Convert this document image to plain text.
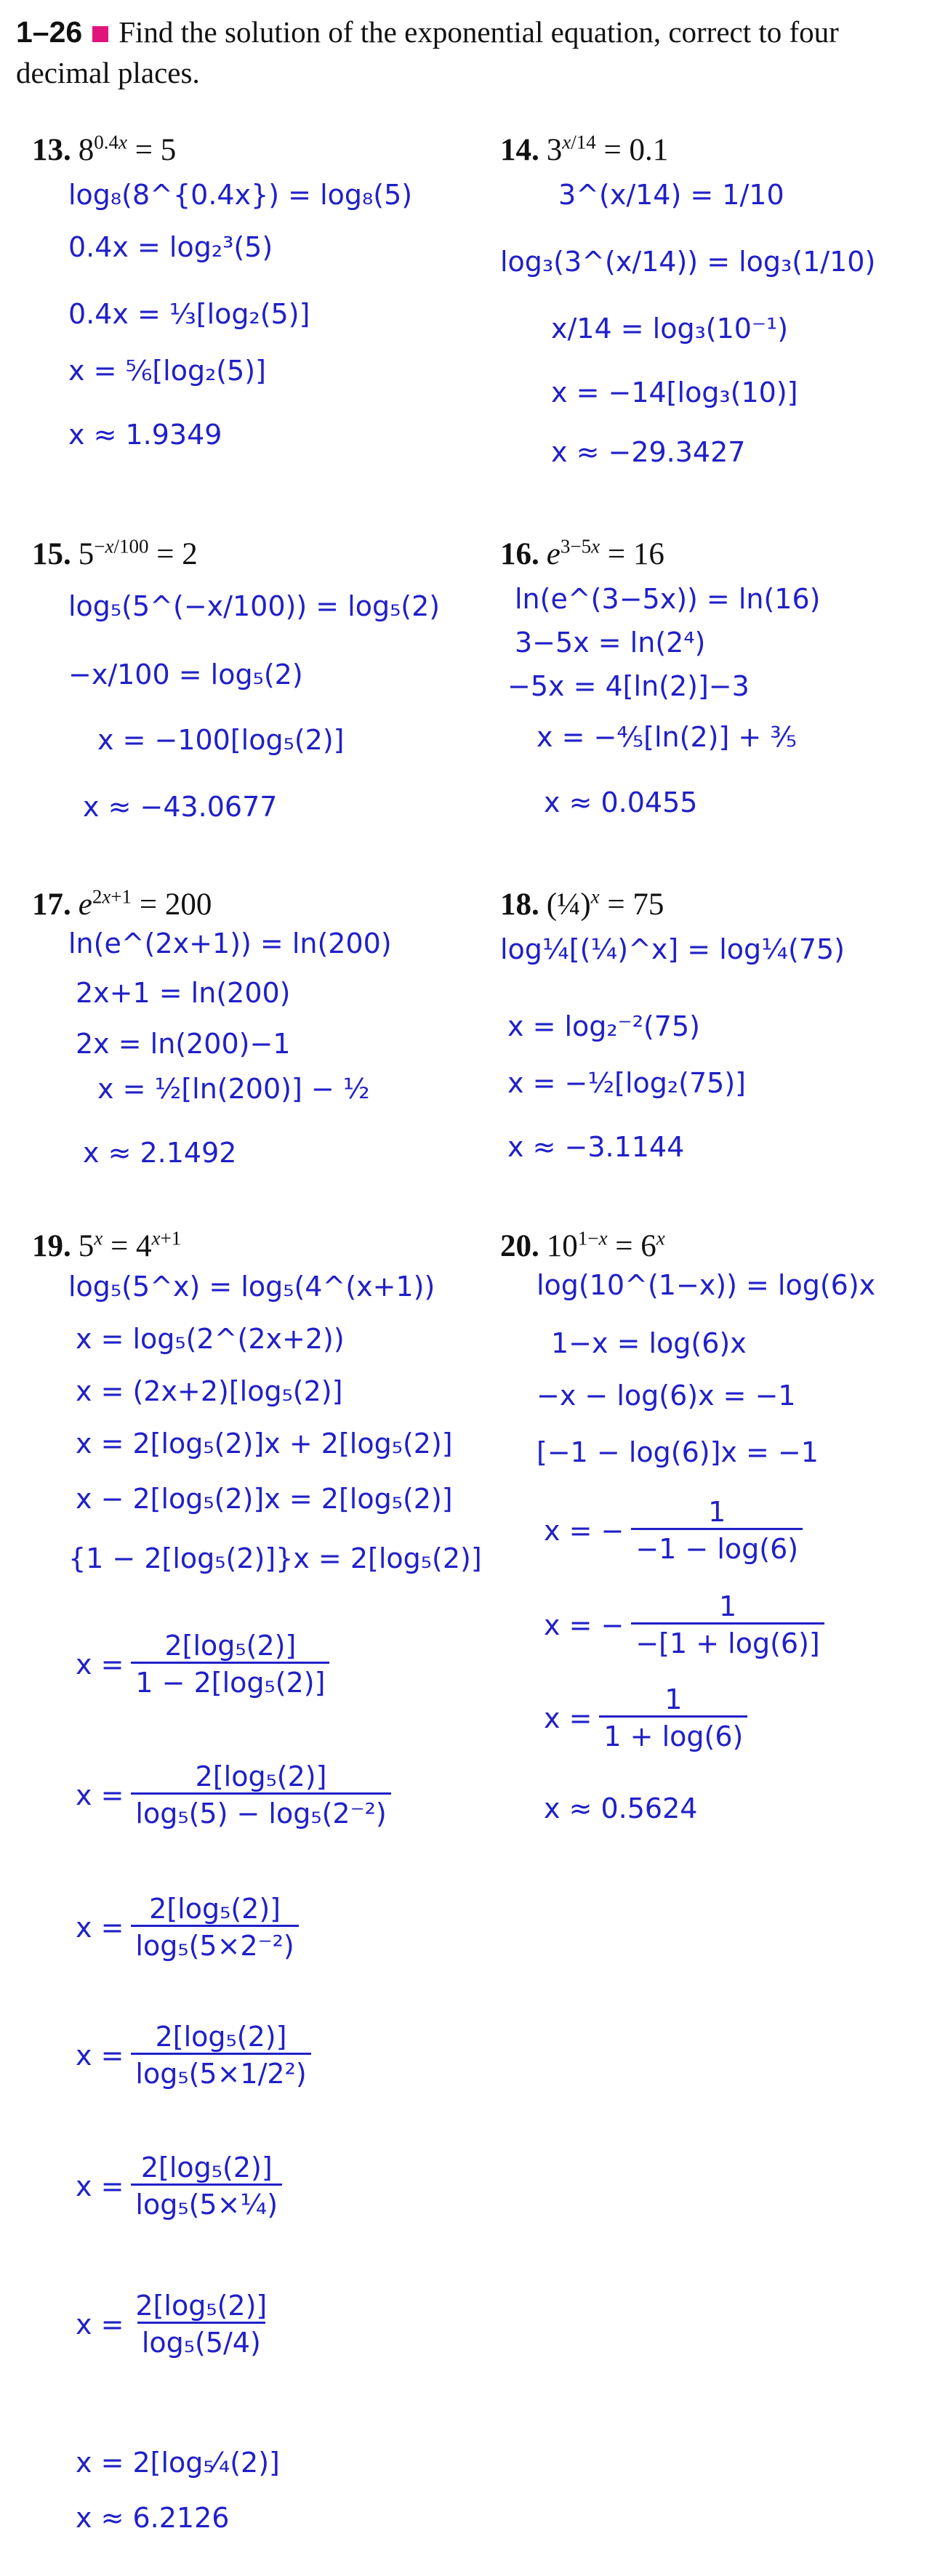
1–26 Find the solution of the exponential equation, correct to four decimal places.
13. $8^{0.4x} = 5$
log₈(8^{0.4x}) = log₈(5)
0.4x = log₂³(5)
0.4x = ⅓[log₂(5)]
x = ⅚[log₂(5)]
x ≈ 1.9349
14. $3^{x/14} = 0.1$
3^(x/14) = 1/10
log₃(3^(x/14)) = log₃(1/10)
x/14 = log₃(10⁻¹)
x = −14[log₃(10)]
x ≈ −29.3427
15. $5^{-x/100} = 2$
log₅(5^(−x/100)) = log₅(2)
−x/100 = log₅(2)
x = −100[log₅(2)]
x ≈ −43.0677
16. $e^{3-5x} = 16$
ln(e^(3−5x)) = ln(16)
3−5x = ln(2⁴)
−5x = 4[ln(2)]−3
x = −⅘[ln(2)] + ⅗
x ≈ 0.0455
17. $e^{2x+1} = 200$
ln(e^(2x+1)) = ln(200)
2x+1 = ln(200)
2x = ln(200)−1
x = ½[ln(200)] − ½
x ≈ 2.1492
18. (¼)$^x$ = 75
log¼[(¼)^x] = log¼(75)
x = log₂⁻²(75)
x = −½[log₂(75)]
x ≈ −3.1144
19. $5^x = 4^{x+1}$
log₅(5^x) = log₅(4^(x+1))
x = log₅(2^(2x+2))
x = (2x+2)[log₅(2)]
x = 2[log₅(2)]x + 2[log₅(2)]
x − 2[log₅(2)]x = 2[log₅(2)]
{1 − 2[log₅(2)]}x = 2[log₅(2)]
$x = \frac{\text{2[log₅(2)]}}{\text{1 − 2[log₅(2)]}}$
$x = \frac{\text{2[log₅(2)]}}{\text{log₅(5) − log₅(2⁻²)}}$
$x = \frac{\text{2[log₅(2)]}}{\text{log₅(5×2⁻²)}}$
$x = \frac{\text{2[log₅(2)]}}{\text{log₅(5×1/2²)}}$
$x = \frac{\text{2[log₅(2)]}}{\text{log₅(5×¼)}}$
$x = \frac{\text{2[log₅(2)]}}{\text{log₅(5/4)}}$
x = 2[log₅⁄₄(2)]
x ≈ 6.2126
20. $10^{1-x} = 6^x$
log(10^(1−x)) = log(6)x
1−x = log(6)x
−x − log(6)x = −1
[−1 − log(6)]x = −1
x = − $\frac{1}{-1 - \log(6)}$
x = − $\frac{1}{-[1 + \log(6)]}$
$x = \frac{1}{1 + \log(6)}$
x ≈ 0.5624
